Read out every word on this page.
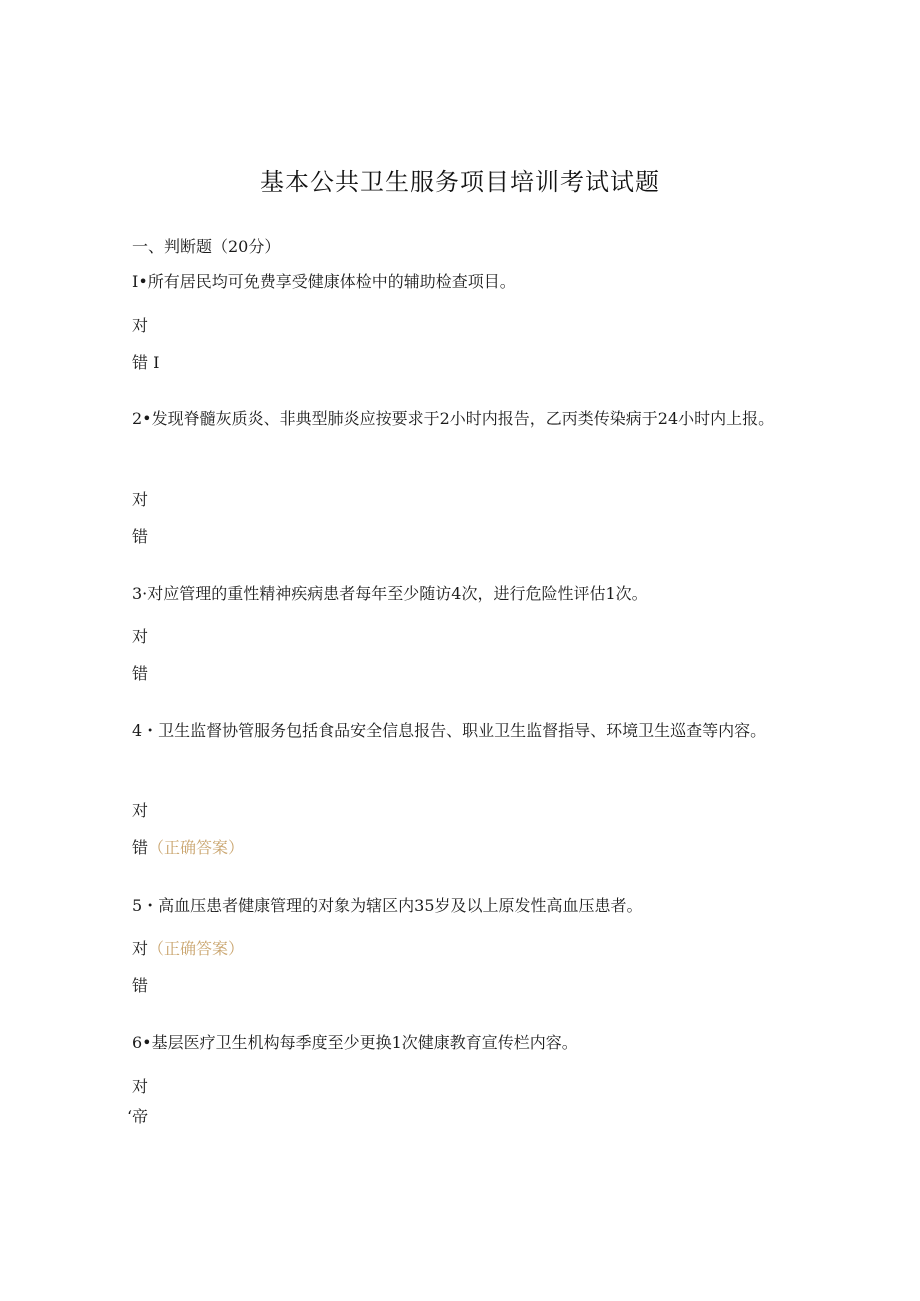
基本公共卫生服务项目培训考试试题
一、判断题（20分）
I•所有居民均可免费享受健康体检中的辅助检查项目。
对
错 I
2•发现脊髓灰质炎、非典型肺炎应按要求于2小时内报告，乙丙类传染病于24小时内上报。
对
错
3·对应管理的重性精神疾病患者每年至少随访4次，进行危险性评估1次。
对
错
4・卫生监督协管服务包括食品安全信息报告、职业卫生监督指导、环境卫生巡查等内容。
对
错（正确答案）
5・高血压患者健康管理的对象为辖区内35岁及以上原发性高血压患者。
对（正确答案）
错
6•基层医疗卫生机构每季度至少更换1次健康教育宣传栏内容。
对
‘帝
